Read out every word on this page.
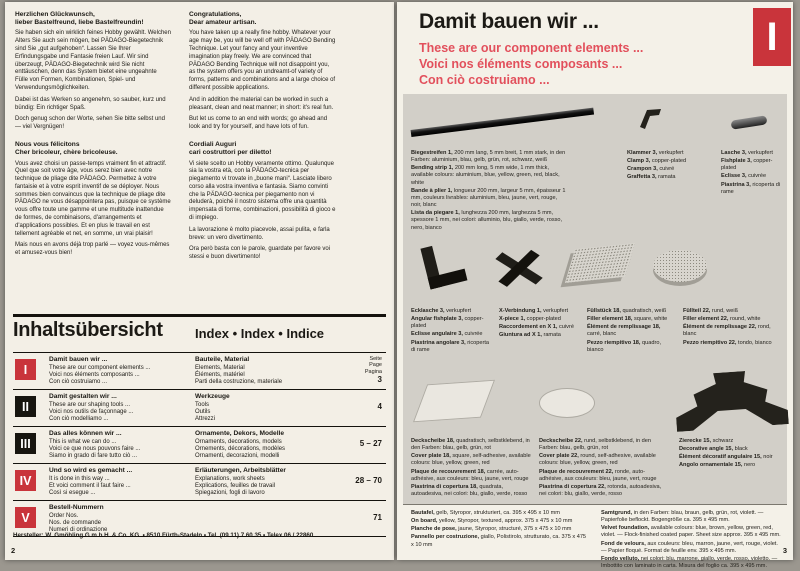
Herzlichen Glückwunsch,
lieber Bastelfreund, liebe Bastelfreundin!
Sie haben sich ein wirklich feines Hobby gewählt. Welchen Alters Sie auch sein mögen, bei PÄDAGO-Biegetechnik sind Sie „gut aufgehoben“. Lassen Sie Ihrer Erfindungsgabe und Fantasie freien Lauf. Wir sind überzeugt, PÄDAGO-Biegetechnik wird Sie nicht enttäuschen, denn das System bietet eine ungeahnte Fülle von Formen, Kombinationen, Spiel- und Verwendungsmöglichkeiten.
Dabei ist das Werken so angenehm, so sauber, kurz und bündig: Ein richtiger Spaß.
Doch genug schon der Worte, sehen Sie bitte selbst und — viel Vergnügen!
Nous vous félicitons
Cher bricoleur, chère bricoleuse.
Vous avez choisi un passe-temps vraiment fin et attractif. Quel que soit votre âge, vous serez bien avec notre technique de pliage dite PÄDAGO. Permettez à votre fantaisie et à votre esprit inventif de se déployer. Nous sommes bien convaincus que la technique de pliage dite PÄDAGO ne vous désappointera pas, puisque ce système vous offre toute une gamme et une multitude inattendue de formes, de combinaisons, d'arrangements et d'applications possibles. Et en plus le travail en est tellement agréable et net, en somme, un vrai plaisir!
Mais nous en avons déjà trop parlé — voyez vous-mêmes et amusez-vous bien!
Congratulations,
Dear amateur artisan.
You have taken up a really fine hobby. Whatever your age may be, you will be well off with PÄDAGO Bending Technique. Let your fancy and your inventive imagination play freely. We are convinced that PÄDAGO Bending Technique will not disappoint you, as the system offers you an undreamt-of variety of forms, patterns and combinations and a large choice of different possible applications.
And in addition the material can be worked in such a pleasant, clean and neat manner; in short: it's real fun.
But let us come to an end with words; go ahead and look and try for yourself, and have lots of fun.
Cordiali Auguri
cari costruttori per diletto!
Vi siete scelto un Hobby veramente ottimo. Qualunque sia la vostra età, con la PÄDAGO-tecnica per piegamento vi trovate in „buone mani“. Lasciate libero corso alla vostra inventiva e fantasia. Siamo convinti che la PÄDAGO-tecnica per piegamento non vi deluderà, poiché il nostro sistema offre una quantità impensata di forme, combinazioni, possibilità di gioco e di impiego.
La lavorazione è molto piacevole, assai pulita, e farla breve: un vero divertimento.
Ora però basta con le parole, guardate per favore voi stessi e buon divertimento!
Inhaltsübersicht Index • Index • Indice
I
Damit bauen wir ...
These are our component elements ...
Voici nos éléments composants ...
Con ciò costruiamo ...
Bauteile, Material
Elements, Material
Éléments, matériel
Parti della costruzione, materiale
Seite
Page
Pagina
3
II
Damit gestalten wir ...
These are our shaping tools ...
Voici nos outils de façonnage ...
Con ciò modelliamo ...
Werkzeuge
Tools
Outils
Attrezzi
4
III
Das alles können wir ...
This is what we can do ...
Voici ce que nous pouvons faire ...
Siamo in grado di fare tutto ciò ...
Ornamente, Dekors, Modelle
Ornaments, decorations, models
Ornements, décorations, modèles
Ornamenti, decorazioni, modelli
5 – 27
IV
Und so wird es gemacht ...
It is done in this way ...
Et voici comment il faut faire ...
Così si esegue ...
Erläuterungen, Arbeitsblätter
Explanations, work sheets
Explications, feuilles de travail
Spiegazioni, fogli di lavoro
28 – 70
V
Bestell-Nummern
Order Nos.
Nos. de commande
Numeri di ordinazione
71
Hersteller: W. Gmöhling G.m.b.H. & Co. KG. • 8510 Fürth-Stadeln • Tel. (09 11) 7 60 35 • Telex 06 / 22860
2
Damit bauen wir ...
These are our component elements ...
Voici nos éléments composants ...
Con ciò costruiamo ...
I
Biegestreifen 1, 200 mm lang, 5 mm breit, 1 mm stark, in den Farben: aluminium, blau, gelb, grün, rot, schwarz, weiß
Bending strip 1, 200 mm long, 5 mm wide, 1 mm thick, available colours: aluminium, blue, yellow, green, red, black, white
Bande à plier 1, longueur 200 mm, largeur 5 mm, épaisseur 1 mm, couleurs livrables: aluminium, bleu, jaune, vert, rouge, noir, blanc
Lista da piegare 1, lunghezza 200 mm, larghezza 5 mm, spessore 1 mm, nei colori: alluminio, blu, giallo, verde, rosso, nero, bianco
Klammer 3, verkupfert
Clamp 3, copper-plated
Crampon 3, cuivré
Graffetta 3, ramata
Lasche 3, verkupfert
Fishplate 3, copper-plated
Eclisse 3, cuivrée
Piastrina 3, ricoperta di rame
Ecklasche 3, verkupfert
Angular fishplate 3, copper-plated
Eclisse angulaire 3, cuivrée
Piastrina angolare 3, ricoperta di rame
X-Verbindung 1, verkupfert
X-piece 1, copper-plated
Raccordement en X 1, cuivré
Giuntura ad X 1, ramata
Füllstück 18, quadratisch, weiß
Filler element 18, square, white
Élément de remplissage 18, carré, blanc
Pezzo riempitivo 18, quadro, bianco
Füllteil 22, rund, weiß
Filler element 22, round, white
Élément de remplissage 22, rond, blanc
Pezzo riempitivo 22, tondo, bianco
Deckscheibe 18, quadratisch, selbstklebend, in den Farben: blau, gelb, grün, rot
Cover plate 18, square, self-adhesive, available colours: blue, yellow, green, red
Plaque de recouvrement 18, carrée, auto-adhésive, aux couleurs: bleu, jaune, vert, rouge
Piastrina di copertura 18, quadrata, autoadesiva, nei colori: blu, giallo, verde, rosso
Deckscheibe 22, rund, selbstklebend, in den Farben: blau, gelb, grün, rot
Cover plate 22, round, self-adhesive, available colours: blue, yellow, green, red
Plaque de recouvrement 22, ronde, auto-adhésive, aux couleurs: bleu, jaune, vert, rouge
Piastrina di copertura 22, rotonda, autoadesiva, nei colori: blu, giallo, verde, rosso
Zierecke 15, schwarz
Decorative angle 15, black
Élément décoratif angulaire 15, noir
Angolo ornamentale 15, nero
Bautafel, gelb, Styropor, strukturiert, ca. 395 x 495 x 10 mm
On board, yellow, Styropor, textured, approx. 375 x 475 x 10 mm
Planche de pose, jaune, Styropor, structuré, 375 x 475 x 10 mm
Pannello per costruzione, giallo, Polistirolo, strutturato, ca. 375 x 475 x 10 mm
Samtgrund, in den Farben: blau, braun, gelb, grün, rot, violett. — Papierfolie beflockt. Bogengröße ca. 395 x 495 mm.
Velvet foundation, available colours: blue, brown, yellow, green, red, violet. — Flock-finished coated paper. Sheet size approx. 395 x 495 mm.
Fond de velours, aux couleurs: bleu, marron, jaune, vert, rouge, violet. — Papier floqué. Format de feuille env. 395 x 495 mm.
Fondo velluto, nei colori: blu, marrone, giallo, verde, rosso, violetto. — Imbottito con laminato in carta. Misura del foglio ca. 395 x 495 mm.
3
